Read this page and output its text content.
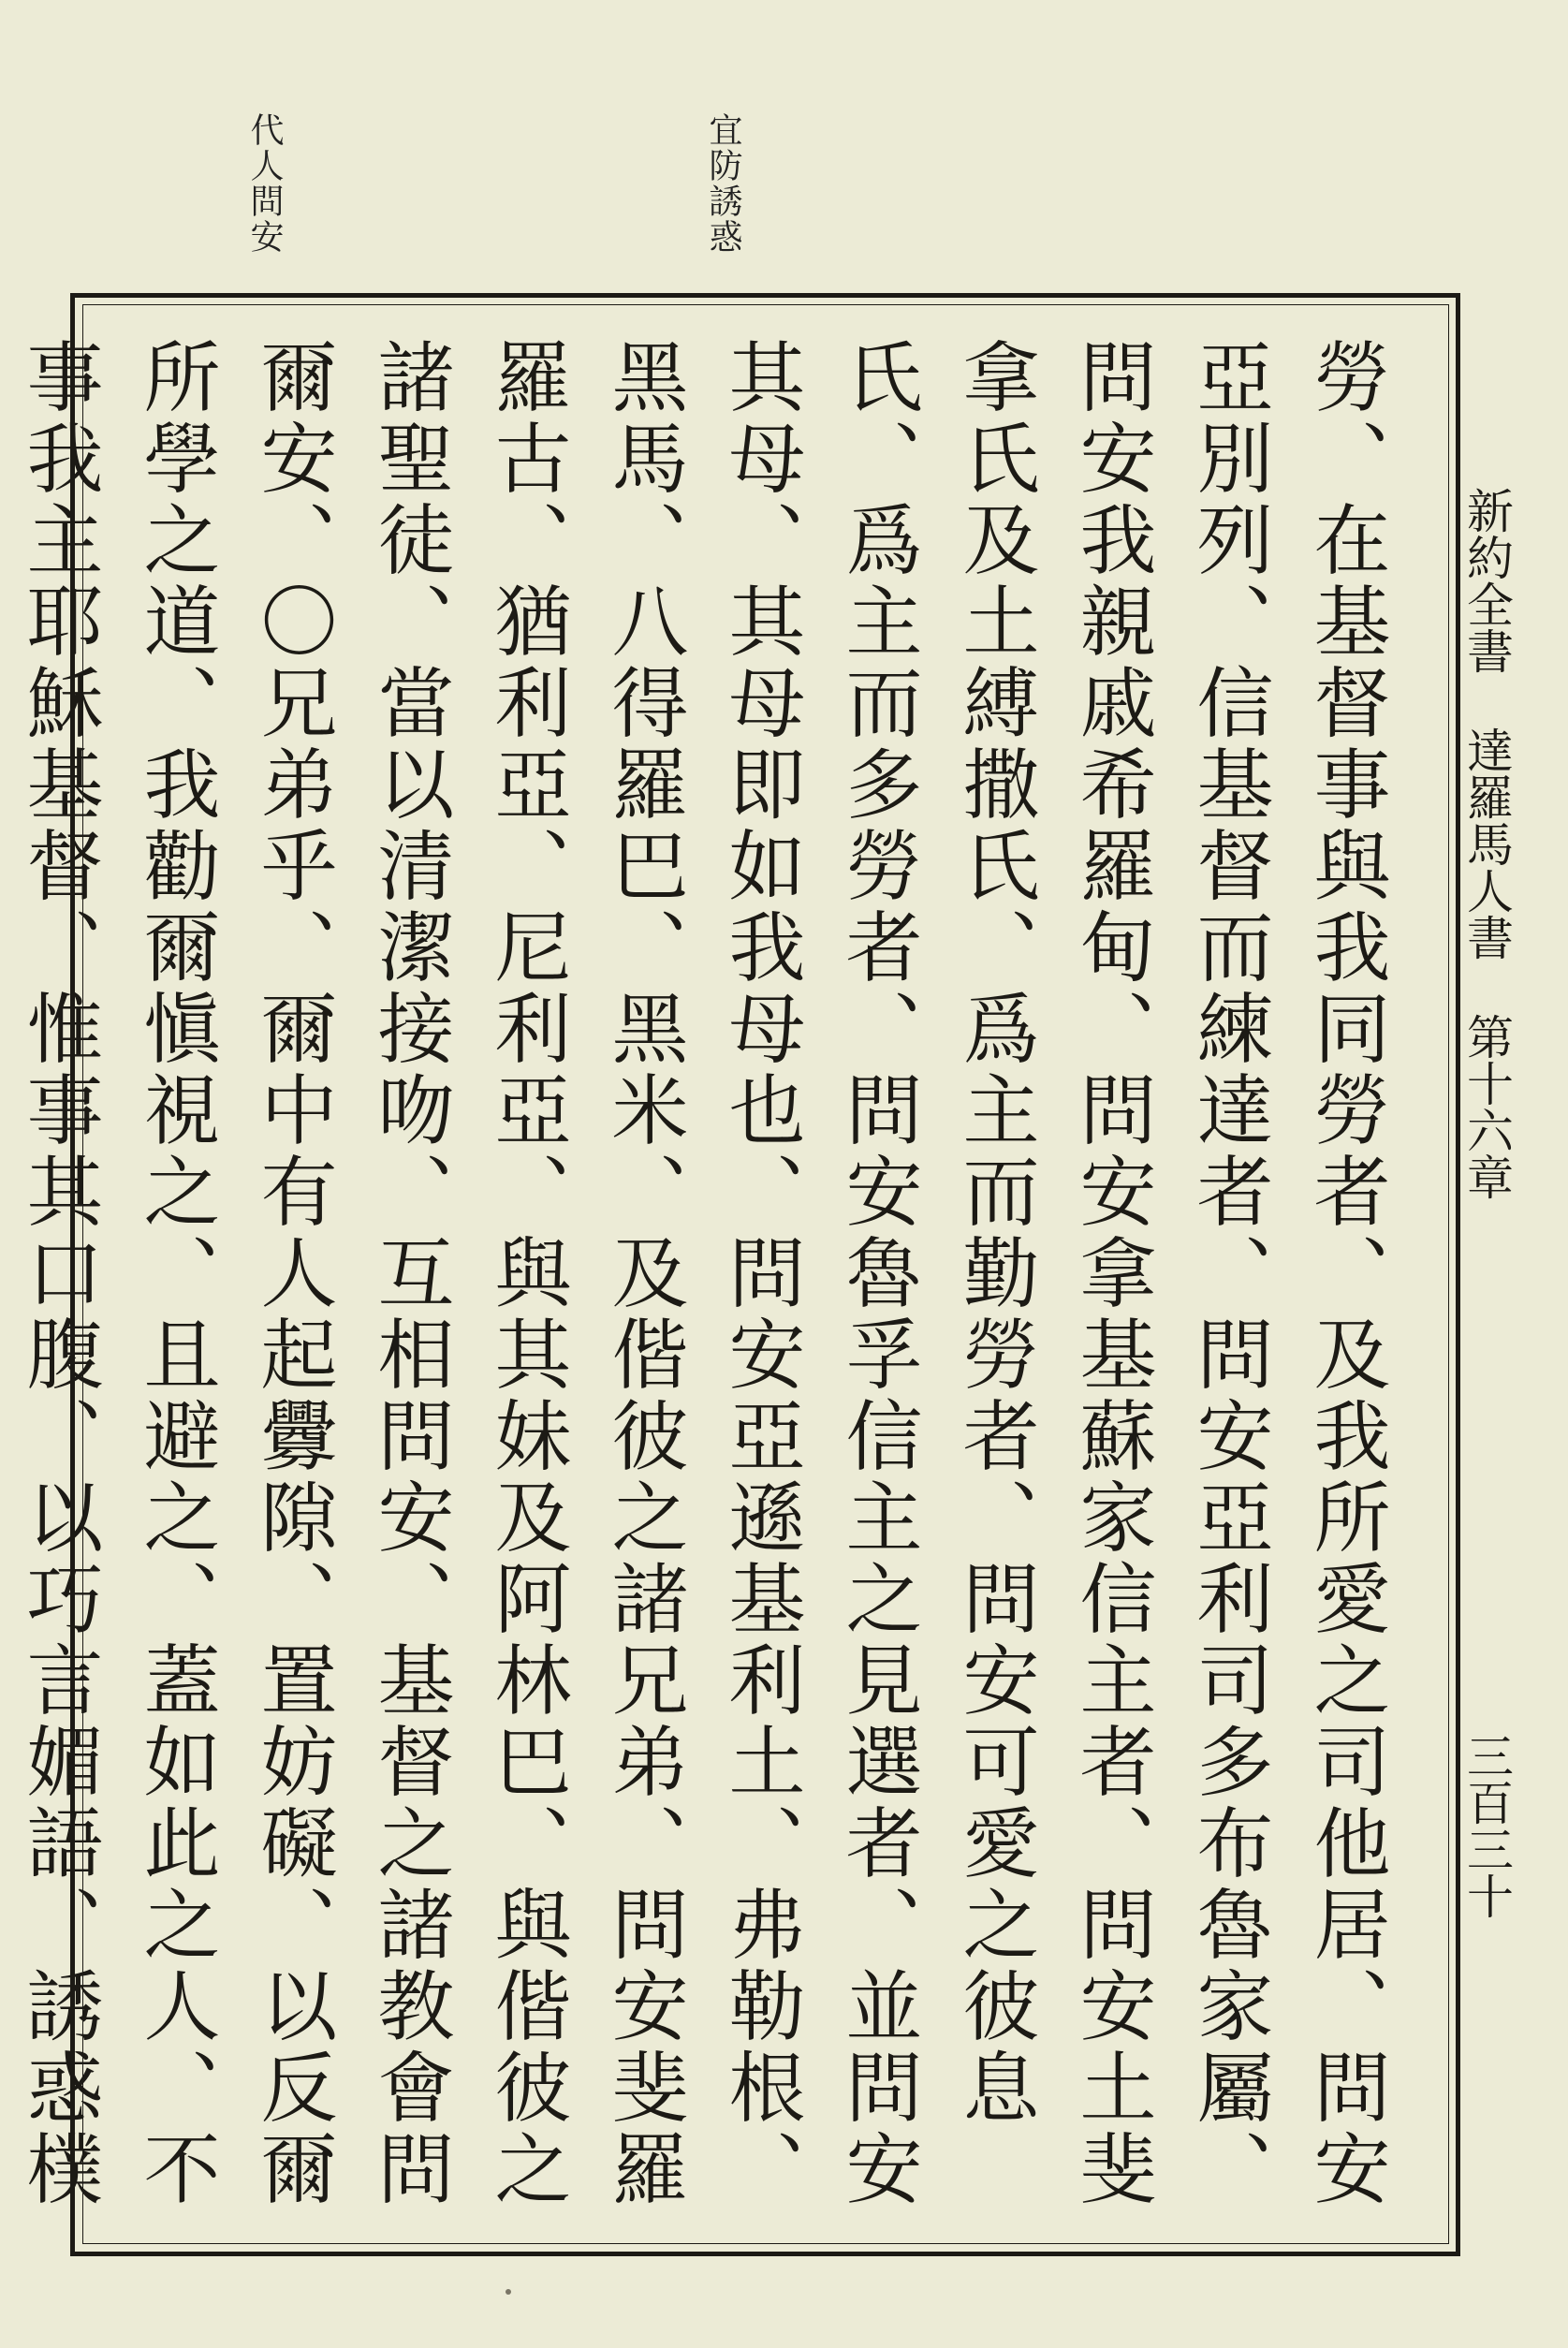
代人問安	宜防誘惑
新約全書 達羅馬人書 第十六章
三百三十

勞、在基督事與我同勞者、及我所愛之司他居、問安亞別列、信基督而練達者、問安亞利司多布魯家屬、問安我親戚希羅甸、問安拿基蘇家信主者、問安土斐拿氏及土縛撒氏、爲主而勤勞者、問安可愛之彼息氏、爲主而多勞者、問安魯孚信主之見選者、並問安其母、其母即如我母也、問安亞遜基利土、弗勒根、黑馬、八得羅巴、黑米、及偕彼之諸兄弟、問安斐羅羅古、猶利亞、尼利亞、與其妹及阿林巴、與偕彼之諸聖徒、當以清潔接吻、互相問安、基督之諸教會問爾安、〇兄弟乎、爾中有人起釁隙、置妨礙、以反爾所學之道、我勸爾愼視之、且避之、蓋如此之人、不事我主耶穌基督、惟事其口腹、以巧言媚語、誘惑樸
